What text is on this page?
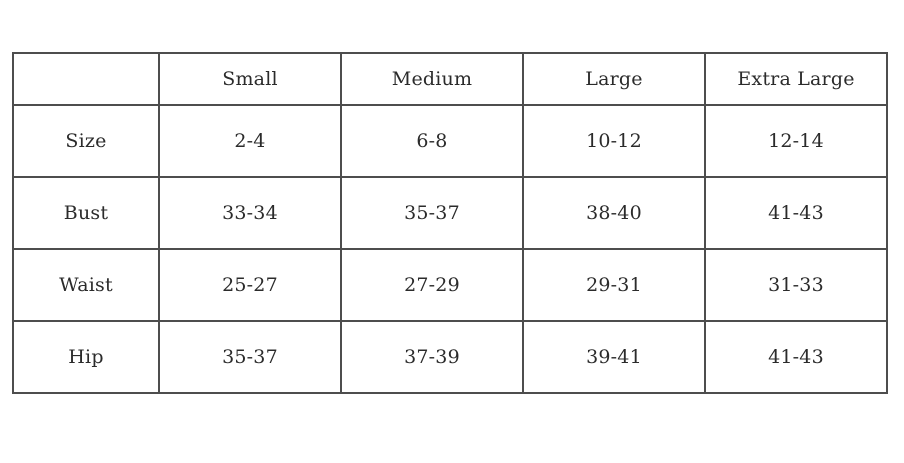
	Small	Medium	Large	Extra Large
Size	2-4	6-8	10-12	12-14
Bust	33-34	35-37	38-40	41-43
Waist	25-27	27-29	29-31	31-33
Hip	35-37	37-39	39-41	41-43
